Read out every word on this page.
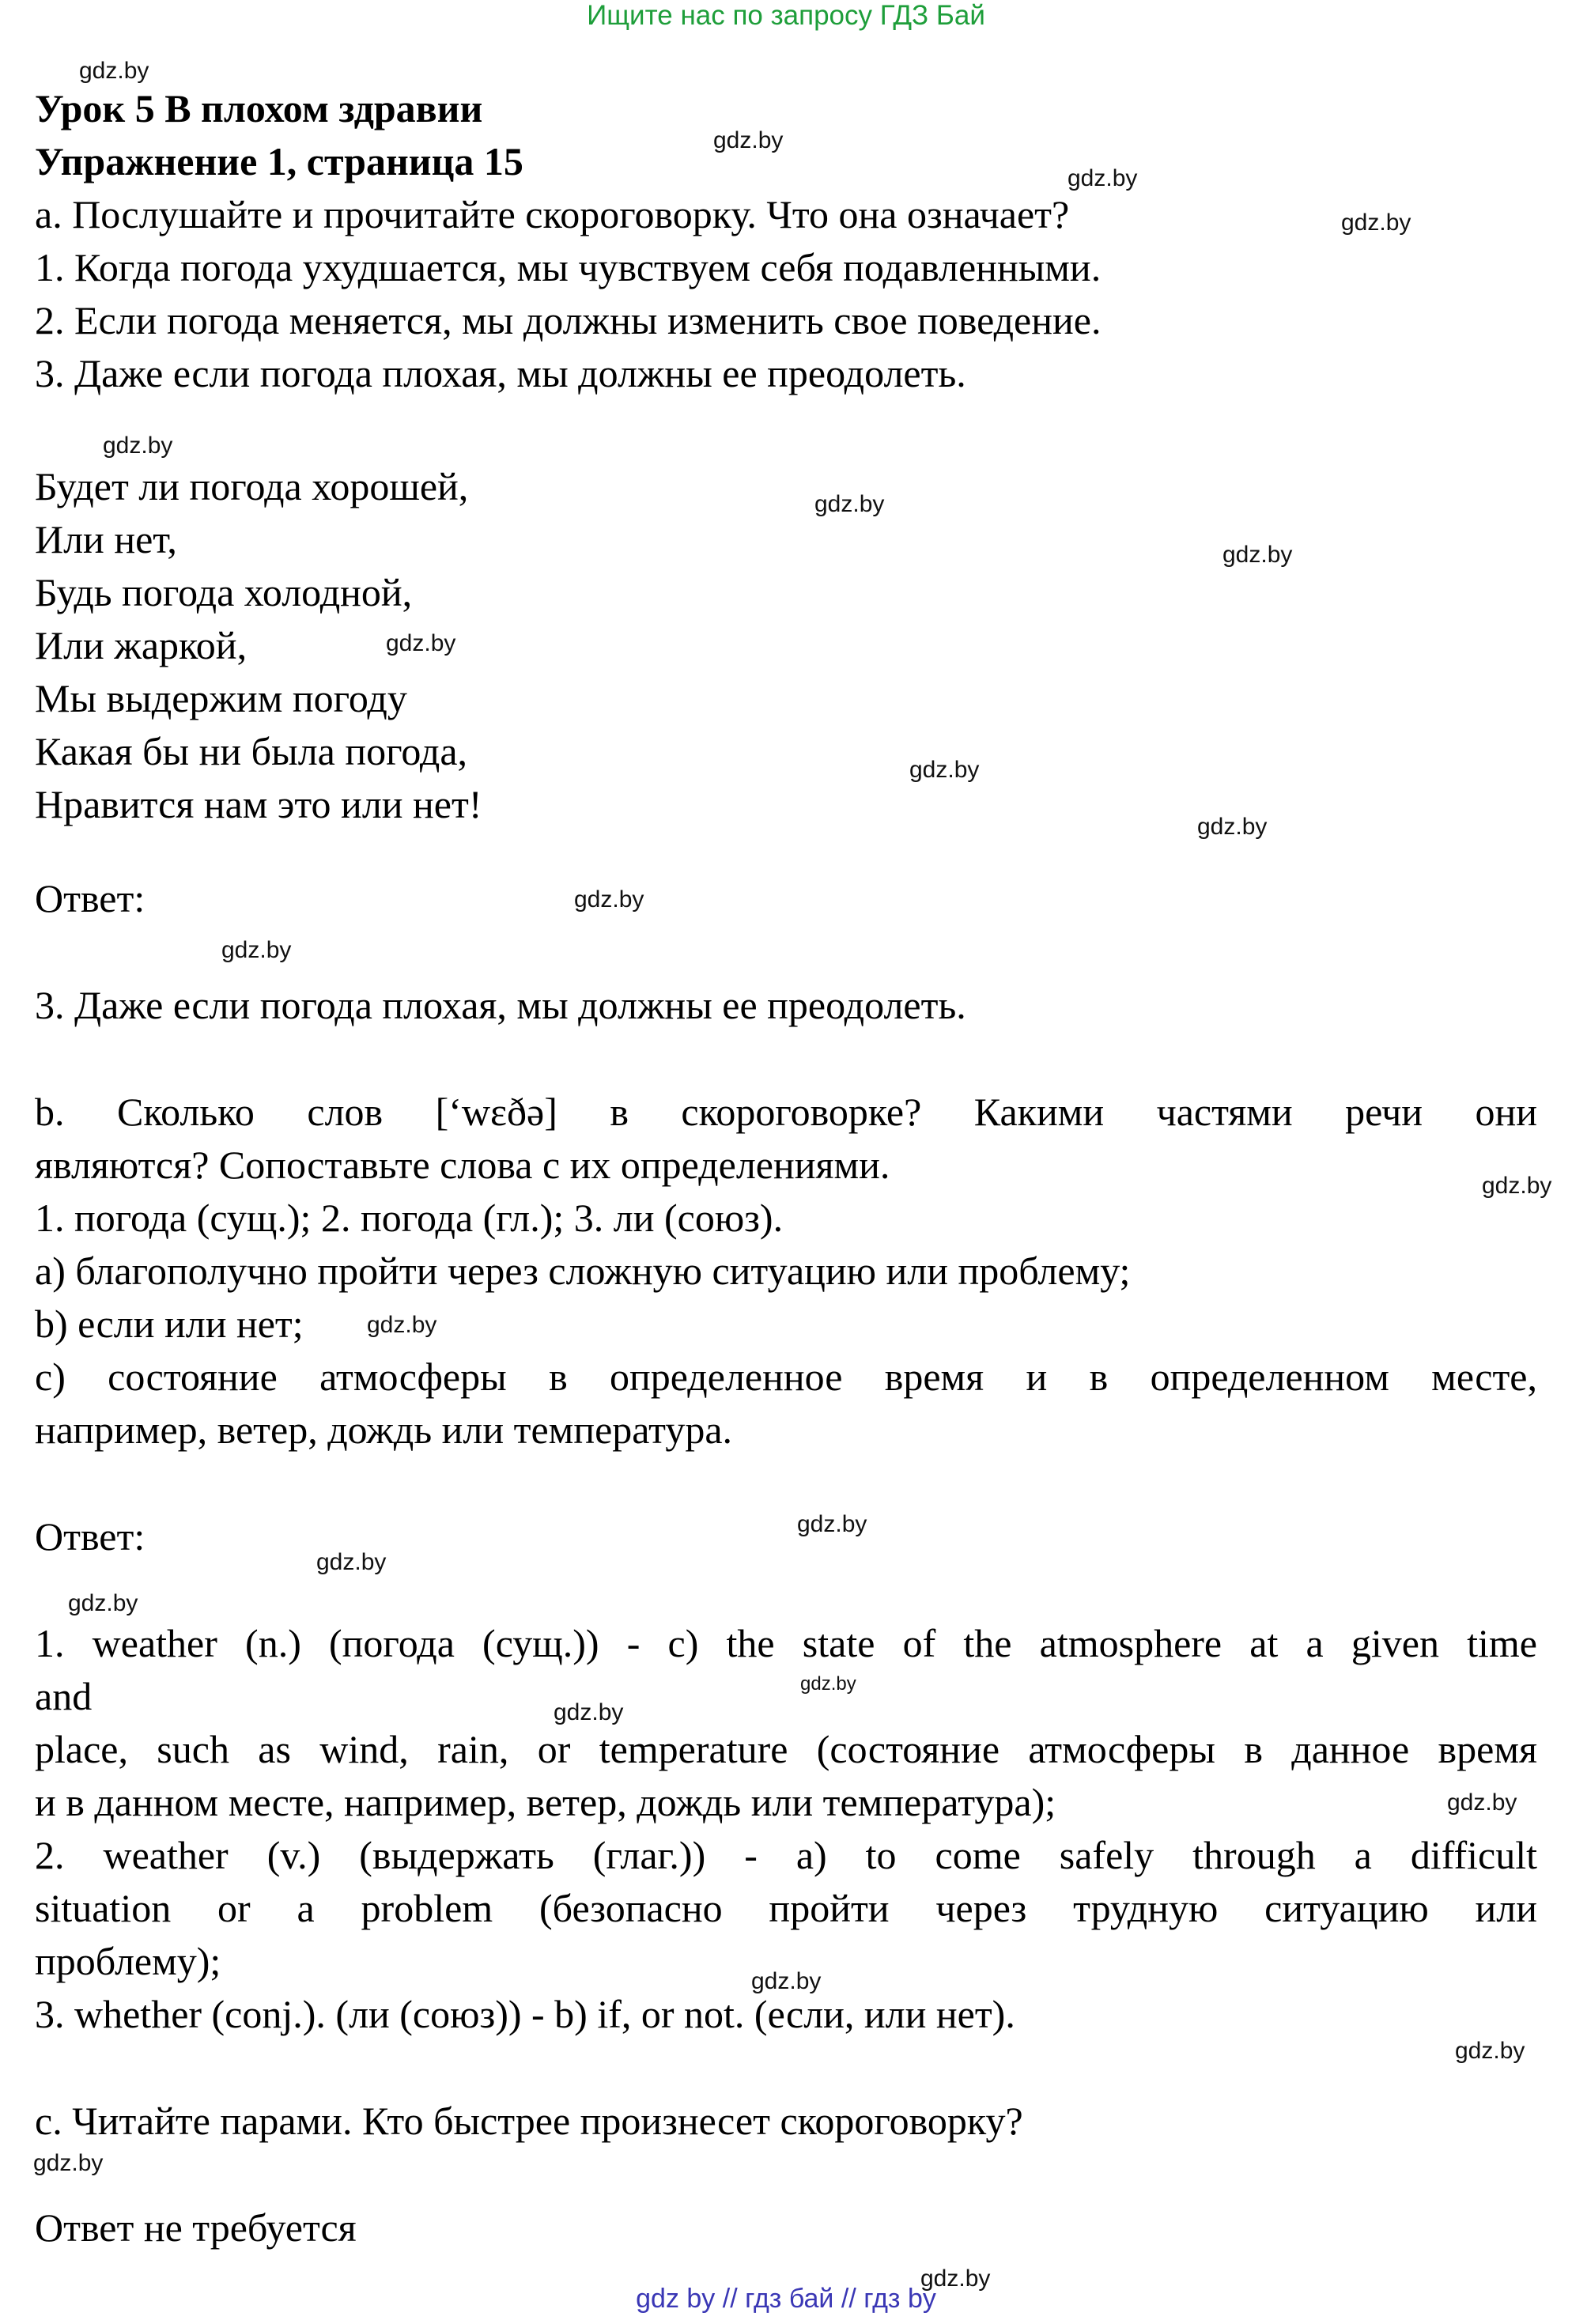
Ищите нас по запросу ГДЗ Бай
Урок 5 В плохом здравии
Упражнение 1, страница 15
а. Послушайте и прочитайте скороговорку. Что она означает?
1. Когда погода ухудшается, мы чувствуем себя подавленными.
2. Если погода меняется, мы должны изменить свое поведение.
3. Даже если погода плохая, мы должны ее преодолеть.
Будет ли погода хорошей,
Или нет,
Будь погода холодной,
Или жаркой,
Мы выдержим погоду
Какая бы ни была погода,
Нравится нам это или нет!
Ответ:
3. Даже если погода плохая, мы должны ее преодолеть.
b. Сколько слов [‘wɛðə] в скороговорке? Какими частями речи они
являются? Сопоставьте слова с их определениями.
1. погода (сущ.); 2. погода (гл.); 3. ли (союз).
а) благополучно пройти через сложную ситуацию или проблему;
b) если или нет;
c) состояние атмосферы в определенное время и в определенном месте,
например, ветер, дождь или температура.
Ответ:
1. weather (n.) (погода (сущ.)) - c) the state of the atmosphere at a given time
and
place, such as wind, rain, or temperature (состояние атмосферы в данное время
и в данном месте, например, ветер, дождь или температура);
2. weather (v.) (выдержать (глаг.)) - a) to come safely through a difficult
situation or a problem (безопасно пройти через трудную ситуацию или
проблему);
3. whether (conj.). (ли (союз)) - b) if, or not. (если, или нет).
с. Читайте парами. Кто быстрее произнесет скороговорку?
Ответ не требуется
gdz.by
gdz.by
gdz.by
gdz.by
gdz.by
gdz.by
gdz.by
gdz.by
gdz.by
gdz.by
gdz.by
gdz.by
gdz.by
gdz.by
gdz.by
gdz.by
gdz.by
gdz.by
gdz.by
gdz.by
gdz.by
gdz.by
gdz.by
gdz.by
gdz by // гдз бай // гдз by
